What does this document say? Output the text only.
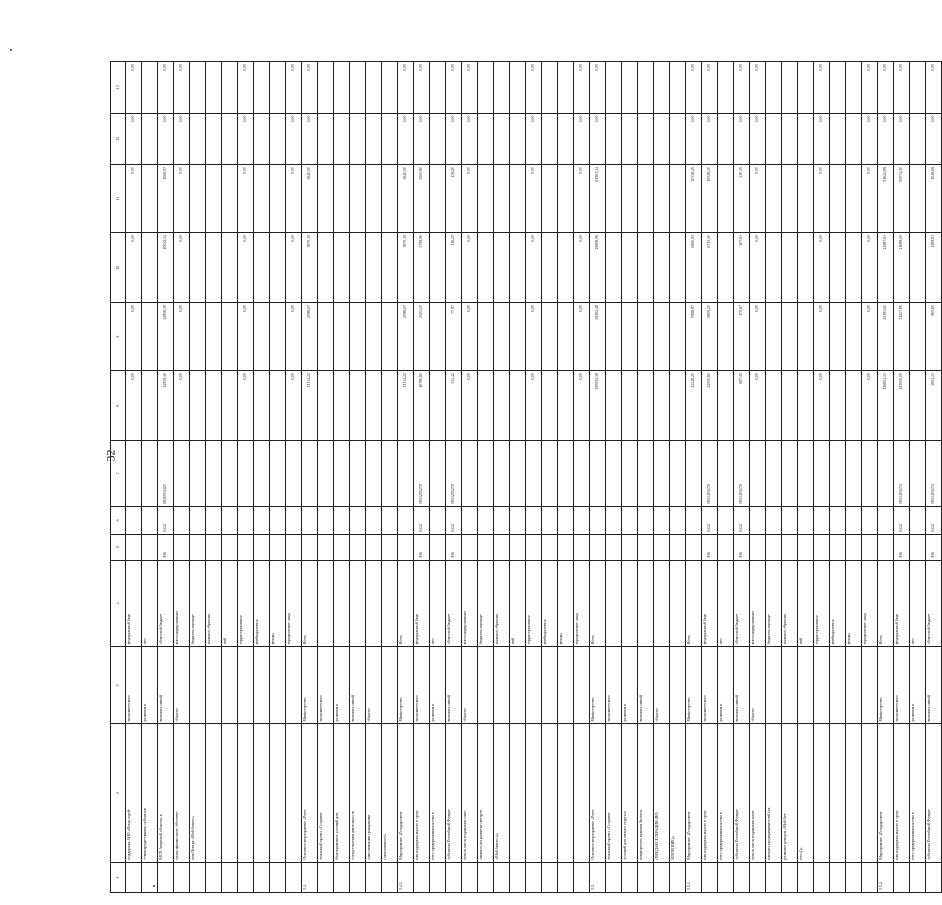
32
1	2	3	4	5	6	7	8	9	10	11	12	13
	поддержка АНО «Фонд содей-	экономического	федеральный бюд-				0,00	0,00	0,00	0,00	0,00	0,00
	ствия кредитованию субъектов	развития и	жет									
	МСП Амурской области» в	внешних связей	областной бюджет	936	0412	0825510420	44559,30	32958,39	10032,34	1568,57	0,00	0,00
	целях финансового обеспече-	области	консолидированные				0,00	0,00	0,00	0,00	0,00	0,00
	ния Центра «Мой бизнес»		бюджеты муници-									
			пальных образова-									
			ний									
			территориальные				0,00	0,00	0,00	0,00	0,00	0,00
			внебюджетные									
			фонды									
			юридические лица				0,00	0,00	0,00	0,00	0,00	0,00
2.4.	Основное мероприятие «Реги-	Министерство	Всего				11114,22	2599,07	3875,15	4640,00	0,00	0,00
	ональный проект «Создание	экономического										
	благоприятных условий для	развития и										
	осуществления деятельности	внешних связей										
	самозанятыми гражданами	области										
	(самозанятые)»											
2.4.1.	Мероприятие «Государствен-	Министерство	Всего				11114,22	2599,07	3875,15	4640,00	0,00	0,00
	ная поддержка малого и сред-	экономического	федеральный бюд-	936	0412	0823255278	10780,80	2521,10	3758,90	4500,80	0,00	0,00
	него предпринимательства в	развития и	жет									
	субъектах Российской Федера-	внешних связей	областной бюджет	936	0412	0823255278	333,42	77,97	116,25	139,20	0,00	0,00
	ции (в части поддержки само-	области	консолидированные				0,00	0,00	0,00	0,00	0,00	0,00
	занятых (на развитие центров		бюджеты муници-									
	«Мой бизнес»)»		пальных образова-									
			ний									
			территориальные				0,00	0,00	0,00	0,00	0,00	0,00
			внебюджетные									
			фонды									
			юридические лица				0,00	0,00	0,00	0,00	0,00	0,00
2.5.	Основное мероприятие «Реги-	Министерство	Всего				150052,38	38182,48	49908,56	61961,34	0,00	0,00
	ональный проект «Создание	экономического										
	условий для легкого старта и	развития и										
	комфортного ведения бизнеса	внешних связей										
	(ПРЕДАКСЕЛЕРАЦИЯ (ВО-	области										
	ВЛЕЧЕНИЕ)»											
2.5.1.	Мероприятие «Государствен-	Министерство	Всего				23248,25	5988,87	6920,93	10338,45	0,00	0,00
	ная поддержка малого и сред-	экономического	федеральный бюд-	936	0412	0823455279	22550,80	5809,20	6713,30	10028,30	0,00	0,00
	него предпринимательства в	развития и	жет									
	субъектах Российской Федера-	внешних связей	областной бюджет	936	0412	0823455279	697,45	179,67	207,63	310,15	0,00	0,00
	ции (в части поддержки начи-	области	консолидированные				0,00	0,00	0,00	0,00	0,00	0,00
	нающих предпринимателей (на		бюджеты муници-									
	развитие центров «Мой биз-		пальных образова-									
	нес»))»		ний									
			территориальные				0,00	0,00	0,00	0,00	0,00	0,00
			внебюджетные									
			фонды									
			юридические лица				0,00	0,00	0,00	0,00	0,00	0,00
2.5.2.	Мероприятие «Государствен-	Министерство	Всего				126804,13	32193,61	42987,63	51622,89	0,00	0,00
	ная поддержка малого и сред-	экономического	федеральный бюд-	936	0412	0823455274	123000,00	31227,80	41698,00	50074,20	0,00	0,00
	него предпринимательства в	развития и	жет									
	субъектах Российской Федера-	внешних связей	областной бюджет	936	0412	0823455274	3804,13	965,81	1289,63	1548,69	0,00	0,00
